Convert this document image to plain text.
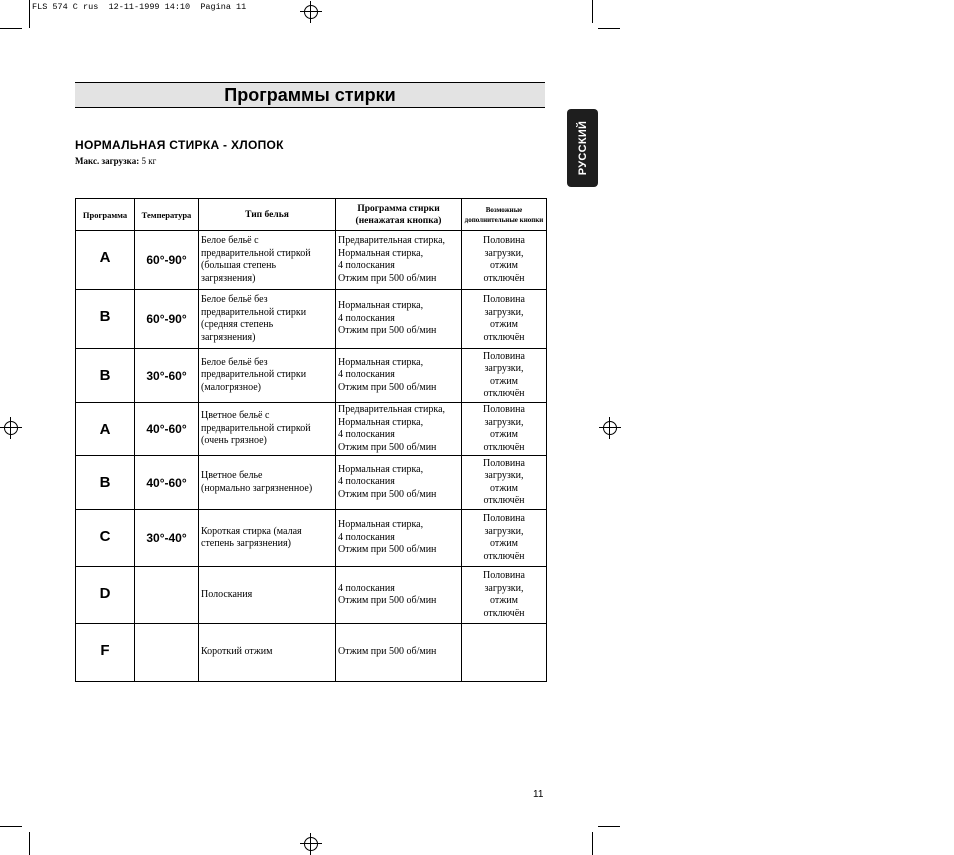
FLS 574 C rus  12-11-1999 14:10  Pagina 11
Программы стирки
РУССКИЙ
НОРМАЛЬНАЯ СТИРКА - ХЛОПОК
Макс. загрузка: 5 кг
Программа	Температура	Тип белья	Программа стирки
(ненажатая кнопка)	Возможные
дополнительные кнопки
A	60°-90°	Белое бельё с
предварительной стиркой
(большая степень
загрязнения)	Предварительная стирка,
Нормальная стирка,
4 полоскания
Отжим при 500 об/мин	Половина
загрузки,
отжим
отключён
B	60°-90°	Белое бельё без
предварительной стирки
(средняя степень
загрязнения)	Нормальная стирка,
4 полоскания
Отжим при 500 об/мин	Половина
загрузки,
отжим
отключён
B	30°-60°	Белое бельё без
предварительной стирки
(малогрязное)	Нормальная стирка,
4 полоскания
Отжим при 500 об/мин	Половина
загрузки,
отжим
отключён
A	40°-60°	Цветное бельё с
предварительной стиркой
(очень грязное)	Предварительная стирка,
Нормальная стирка,
4 полоскания
Отжим при 500 об/мин	Половина
загрузки,
отжим
отключён
B	40°-60°	Цветное белье
(нормально загрязненное)	Нормальная стирка,
4 полоскания
Отжим при 500 об/мин	Половина
загрузки,
отжим
отключён
C	30°-40°	Короткая стирка (малая
степень загрязнения)	Нормальная стирка,
4 полоскания
Отжим при 500 об/мин	Половина
загрузки,
отжим
отключён
D		Полоскания	4 полоскания
Отжим при 500 об/мин	Половина
загрузки,
отжим
отключён
F		Короткий отжим	Отжим при 500 об/мин	
11
